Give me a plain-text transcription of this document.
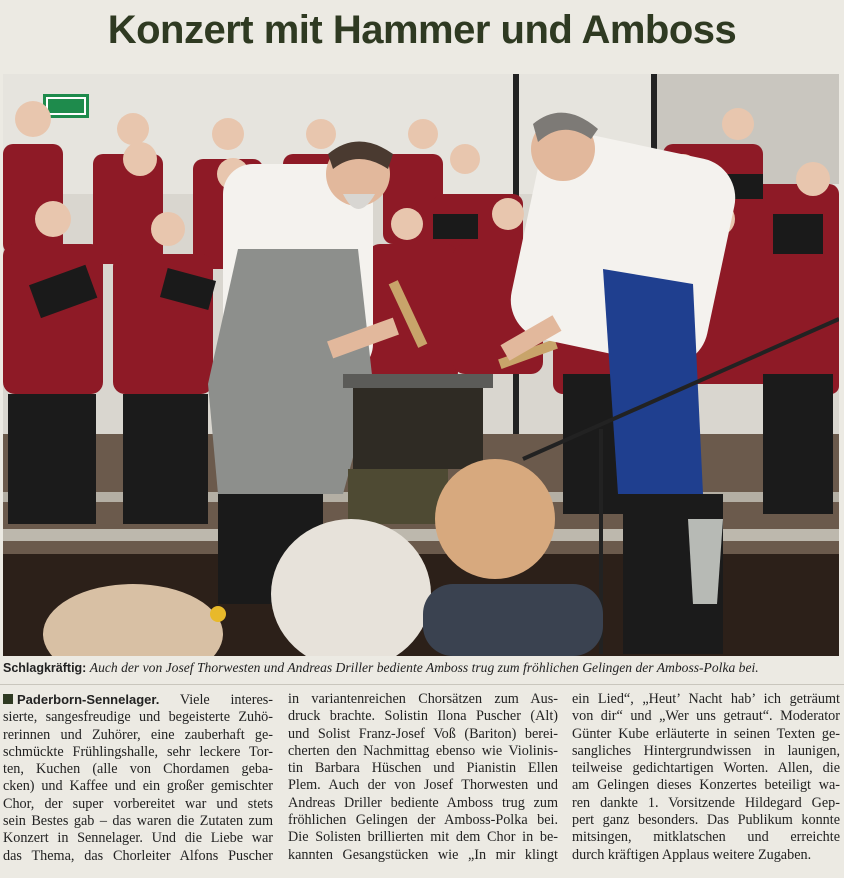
Konzert mit Hammer und Amboss
Schlagkräftig: Auch der von Josef Thorwesten und Andreas Driller bediente Amboss trug zum fröhlichen Gelingen der Amboss-Polka bei.
Paderborn-Sennelager. Viele interes-
sierte, sangesfreudige und begeisterte Zuhö-
rerinnen und Zuhörer, eine zauberhaft ge-
schmückte Frühlingshalle, sehr leckere Tor-
ten, Kuchen (alle von Chordamen geba-
cken) und Kaffee und ein großer gemischter
Chor, der super vorbereitet war und stets
sein Bestes gab – das waren die Zutaten zum
Konzert in Sennelager. Und die Liebe war
das Thema, das Chorleiter Alfons Puscher
in variantenreichen Chorsätzen zum Aus-
druck brachte. Solistin Ilona Puscher (Alt)
und Solist Franz-Josef Voß (Bariton) berei-
cherten den Nachmittag ebenso wie Violinis-
tin Barbara Hüschen und Pianistin Ellen
Plem. Auch der von Josef Thorwesten und
Andreas Driller bediente Amboss trug zum
fröhlichen Gelingen der Amboss-Polka bei.
Die Solisten brillierten mit dem Chor in be-
kannten Gesangstücken wie „In mir klingt
ein Lied“, „Heut’ Nacht hab’ ich geträumt
von dir“ und „Wer uns getraut“. Moderator
Günter Kube erläuterte in seinen Texten ge-
sangliches Hintergrundwissen in launigen,
teilweise gedichtartigen Worten. Allen, die
am Gelingen dieses Konzertes beteiligt wa-
ren dankte 1. Vorsitzende Hildegard Gep-
pert ganz besonders. Das Publikum konnte
mitsingen, mitklatschen und erreichte
durch kräftigen Applaus weitere Zugaben.
